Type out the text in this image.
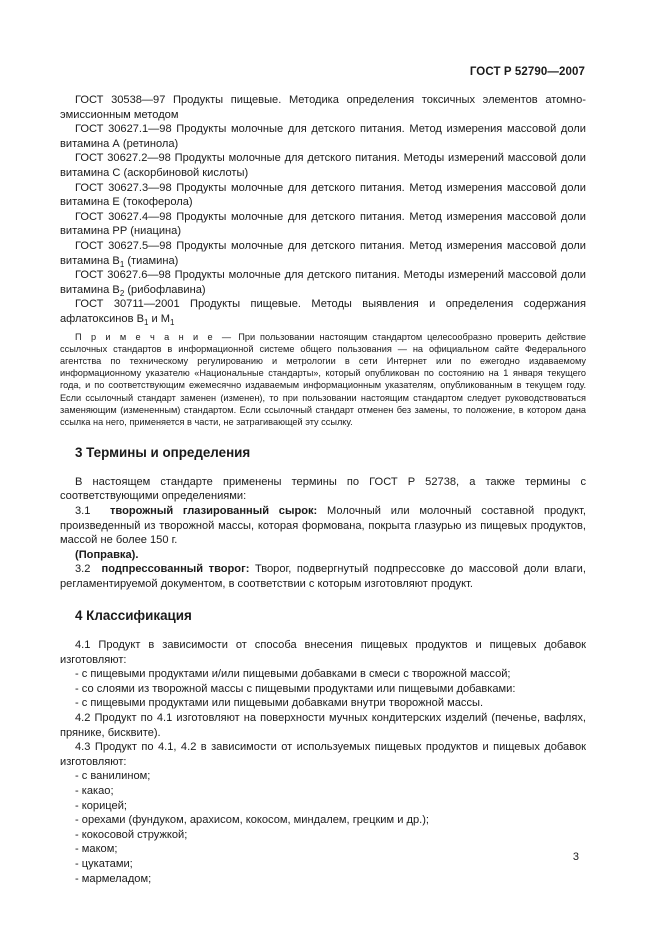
ГОСТ Р 52790—2007

ГОСТ 30538—97 Продукты пищевые. Методика определения токсичных элементов атомно-эмиссионным методом

ГОСТ 30627.1—98 Продукты молочные для детского питания. Метод измерения массовой доли витамина А (ретинола)

ГОСТ 30627.2—98 Продукты молочные для детского питания. Методы измерений массовой доли витамина С (аскорбиновой кислоты)

ГОСТ 30627.3—98 Продукты молочные для детского питания. Метод измерения массовой доли витамина Е (токоферола)

ГОСТ 30627.4—98 Продукты молочные для детского питания. Метод измерения массовой доли витамина РР (ниацина)

ГОСТ 30627.5—98 Продукты молочные для детского питания. Метод измерения массовой доли витамина $В_1$ (тиамина)

ГОСТ 30627.6—98 Продукты молочные для детского питания. Методы измерений массовой доли витамина $В_2$ (рибофлавина)

ГОСТ 30711—2001 Продукты пищевые. Методы выявления и определения содержания афлатоксинов $В_1$ и $М_1$

П р и м е ч а н и е — При пользовании настоящим стандартом целесообразно проверить действие ссылочных стандартов в информационной системе общего пользования — на официальном сайте Федерального агентства по техническому регулированию и метрологии в сети Интернет или по ежегодно издаваемому информационному указателю «Национальные стандарты», который опубликован по состоянию на 1 января текущего года, и по соответствующим ежемесячно издаваемым информационным указателям, опубликованным в текущем году. Если ссылочный стандарт заменен (изменен), то при пользовании настоящим стандартом следует руководствоваться заменяющим (измененным) стандартом. Если ссылочный стандарт отменен без замены, то положение, в котором дана ссылка на него, применяется в части, не затрагивающей эту ссылку.

3 Термины и определения

В настоящем стандарте применены термины по ГОСТ Р 52738, а также термины с соответствующими определениями:

3.1 творожный глазированный сырок: Молочный или молочный составной продукт, произведенный из творожной массы, которая формована, покрыта глазурью из пищевых продуктов, массой не более 150 г.

(Поправка).

3.2 подпрессованный творог: Творог, подвергнутый подпрессовке до массовой доли влаги, регламентируемой документом, в соответствии с которым изготовляют продукт.

4 Классификация

4.1 Продукт в зависимости от способа внесения пищевых продуктов и пищевых добавок изготовляют:

- с пищевыми продуктами и/или пищевыми добавками в смеси с творожной массой;

- со слоями из творожной массы с пищевыми продуктами или пищевыми добавками:

- с пищевыми продуктами или пищевыми добавками внутри творожной массы.

4.2 Продукт по 4.1 изготовляют на поверхности мучных кондитерских изделий (печенье, вафлях, прянике, бисквите).

4.3 Продукт по 4.1, 4.2 в зависимости от используемых пищевых продуктов и пищевых добавок изготовляют:

- с ванилином;

- какао;

- корицей;

- орехами (фундуком, арахисом, кокосом, миндалем, грецким и др.);

- кокосовой стружкой;

- маком;

- цукатами;

- мармеладом;

3
